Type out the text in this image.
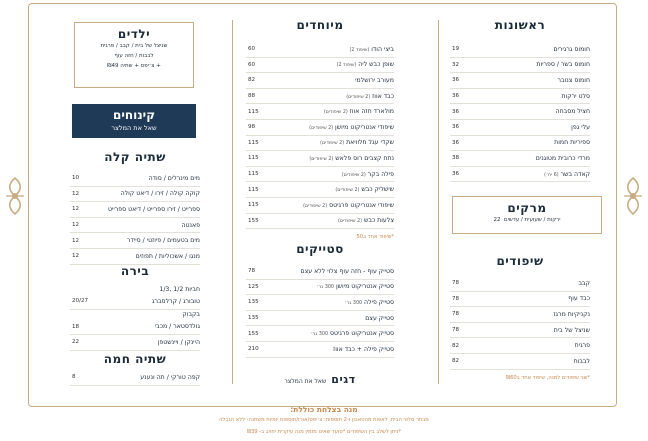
ראשונות
חומוס גרגירים
19
חומוס בשר / ספריות
32
חומוס צנובר
36
סלט ירקות
36
חציל מסבחה
36
עלי גפן
36
ספיריות חמות
36
מרדי כרובית מטוגנים
38
קאדה בשר (6 יח׳)
36
מרקים
ירקות / שעועית / עדשים  22
שיפודים
קבב
78
כבד עוף
78
נקניקיות מרגז
78
שניצל של בית
78
פרגית
82
לבבות
82
*שני שיפודים למנה, שיפוד אחד ב₪60
מיוחדים
ביצי הודו (שיפוד 2)
60
שופן כבש ליה (שיפוד 2)
60
מעורב ירושלמי
82
כבד אווז (2 שיפודים)
88
מולארד חזה אווז (2 שיפודים)
115
שיפודי אנטריקוט מיושן (2 שיפודים)
98
שקדי עגל חלוויאת (2 שיפודים)
115
נתח קצבים רוס פלאש (2 שיפודים)
115
פילה בקר (2 שיפודים)
115
שישליק כבש (2 שיפודים)
115
שיפודי אנטריקוט פרגיטס (2 שיפודים)
115
צלעות כבש (2 שיפודים)
155
*שיפוד אחד ב50
סטייקים
סטייק עוף - חזה עוף צלוי ללא עצם
78
סטייק אנטריקוט מיושן 300 גר׳
125
סטייק פילה 300 גר׳
135
סטייק עצם
135
סטייק אנטריקוט פרגיטס 300 גר׳
155
סטייק פילה + כבד אווז
210
דגים שאל את המלצר
ילדים
שניצל של בית / קבב / פרגית
לבבות / חזה עוף
+ צ׳יפס + שתיה ₪49
קינוחים
שאל את המלצר
שתיה קלה
מים מינרלים / סודה
10
קוקה קולה / זירו / דיאט קולה
12
ספרייט / זירו ספרייט / דיאט ספרייט
12
פאנטה
12
מים בטעמים / פיוזטי / סיידר
12
מנגו / אשכוליות / תפוזים
12
בירה
חביות 1/2 ,1/3
טובורג / קרלסברג
20/27
בקבוק
גולדסטאר / מכבי
18
היינקן / ויינשטפן
22
שתיה חמה
קפה טורקי / תה ונענע
8
מנה בצלחת כוללת:
מבחר סלטי הבית, לאפות מהטאבון ו-2 תוספות: צ׳יפס/אורז/תוספות יומיות משתנה- ללא הגבלה
*ניתן לשלב בין השיפודים *סועד שאינו מזמין מנה עיקרית יחויב ב- ₪39
